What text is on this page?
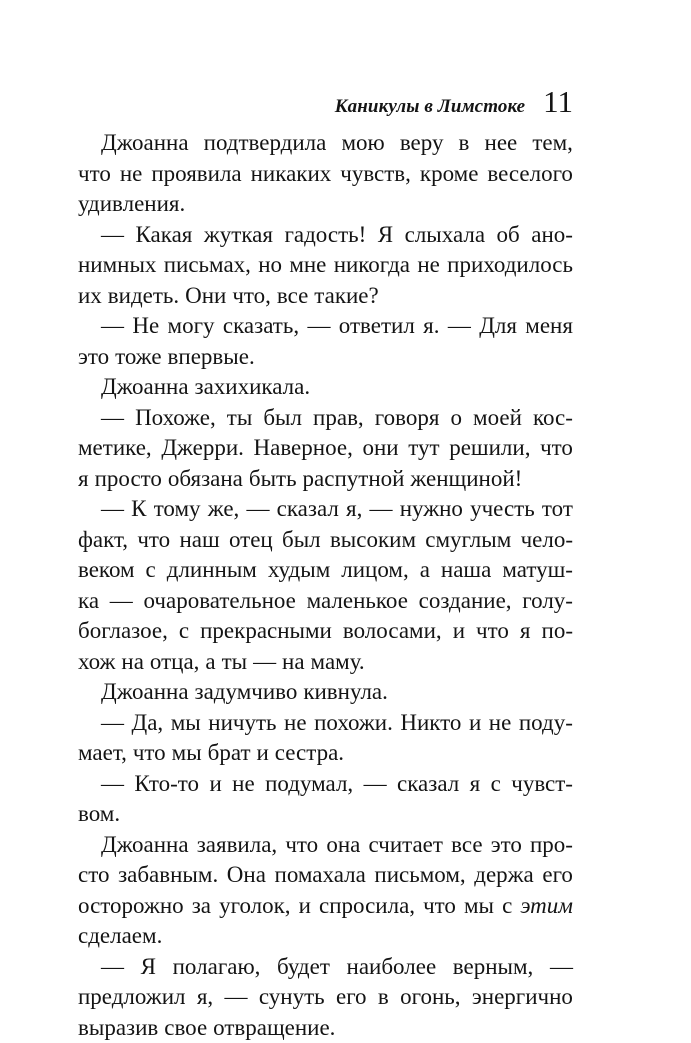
Каникулы в Лимстоке 11
Джоанна подтвердила мою веру в нее тем,
что не проявила никаких чувств, кроме веселого
удивления.
— Какая жуткая гадость! Я слыхала об ано-
нимных письмах, но мне никогда не приходилось
их видеть. Они что, все такие?
— Не могу сказать, — ответил я. — Для меня
это тоже впервые.
Джоанна захихикала.
— Похоже, ты был прав, говоря о моей кос-
метике, Джерри. Наверное, они тут решили, что
я просто обязана быть распутной женщиной!
— К тому же, — сказал я, — нужно учесть тот
факт, что наш отец был высоким смуглым чело-
веком с длинным худым лицом, а наша матуш-
ка — очаровательное маленькое создание, голу-
боглазое, с прекрасными волосами, и что я по-
хож на отца, а ты — на маму.
Джоанна задумчиво кивнула.
— Да, мы ничуть не похожи. Никто и не поду-
мает, что мы брат и сестра.
— Кто-то и не подумал, — сказал я с чувст-
вом.
Джоанна заявила, что она считает все это про-
сто забавным. Она помахала письмом, держа его
осторожно за уголок, и спросила, что мы с этим
сделаем.
— Я полагаю, будет наиболее верным, —
предложил я, — сунуть его в огонь, энергично
выразив свое отвращение.
